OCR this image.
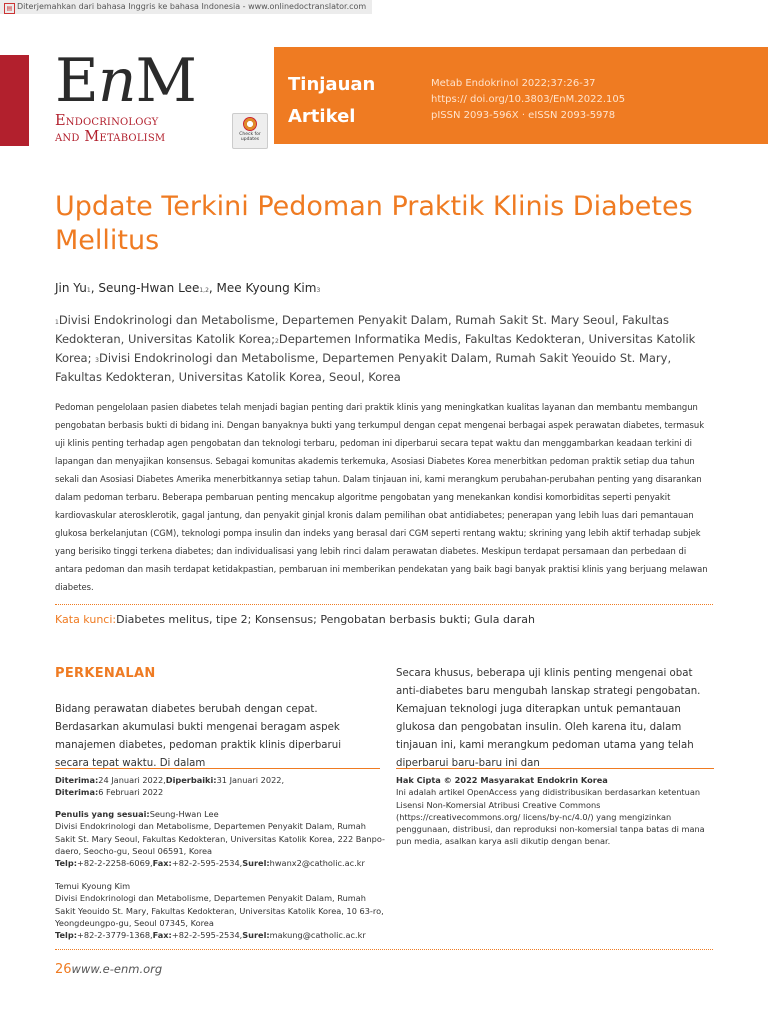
▤ Diterjemahkan dari bahasa Inggris ke bahasa Indonesia - www.onlinedoctranslator.com
EnM
Endocrinology
and Metabolism	Check for updates
Tinjauan
Artikel
Metab Endokrinol 2022;37:26-37 https:// doi.org/10.3803/EnM.2022.105 pISSN 2093-596X · eISSN 2093-5978
Update Terkini Pedoman Praktik Klinis Diabetes Mellitus
Jin Yu1, Seung-Hwan Lee1,2, Mee Kyoung Kim3
1Divisi Endokrinologi dan Metabolisme, Departemen Penyakit Dalam, Rumah Sakit St. Mary Seoul, Fakultas Kedokteran, Universitas Katolik Korea;2Departemen Informatika Medis, Fakultas Kedokteran, Universitas Katolik Korea; 3Divisi Endokrinologi dan Metabolisme, Departemen Penyakit Dalam, Rumah Sakit Yeouido St. Mary, Fakultas Kedokteran, Universitas Katolik Korea, Seoul, Korea
Pedoman pengelolaan pasien diabetes telah menjadi bagian penting dari praktik klinis yang meningkatkan kualitas layanan dan membantu membangun pengobatan berbasis bukti di bidang ini. Dengan banyaknya bukti yang terkumpul dengan cepat mengenai berbagai aspek perawatan diabetes, termasuk uji klinis penting terhadap agen pengobatan dan teknologi terbaru, pedoman ini diperbarui secara tepat waktu dan menggambarkan keadaan terkini di lapangan dan menyajikan konsensus. Sebagai komunitas akademis terkemuka, Asosiasi Diabetes Korea menerbitkan pedoman praktik setiap dua tahun sekali dan Asosiasi Diabetes Amerika menerbitkannya setiap tahun. Dalam tinjauan ini, kami merangkum perubahan-perubahan penting yang disarankan dalam pedoman terbaru. Beberapa pembaruan penting mencakup algoritme pengobatan yang menekankan kondisi komorbiditas seperti penyakit kardiovaskular aterosklerotik, gagal jantung, dan penyakit ginjal kronis dalam pemilihan obat antidiabetes; penerapan yang lebih luas dari pemantauan glukosa berkelanjutan (CGM), teknologi pompa insulin dan indeks yang berasal dari CGM seperti rentang waktu; skrining yang lebih aktif terhadap subjek yang berisiko tinggi terkena diabetes; dan individualisasi yang lebih rinci dalam perawatan diabetes. Meskipun terdapat persamaan dan perbedaan di antara pedoman dan masih terdapat ketidakpastian, pembaruan ini memberikan pendekatan yang baik bagi banyak praktisi klinis yang berjuang melawan diabetes.
Kata kunci:Diabetes melitus, tipe 2; Konsensus; Pengobatan berbasis bukti; Gula darah
PERKENALAN
Bidang perawatan diabetes berubah dengan cepat. Berdasarkan akumulasi bukti mengenai beragam aspek manajemen diabetes, pedoman praktik klinis diperbarui secara tepat waktu. Di dalam
Secara khusus, beberapa uji klinis penting mengenai obat anti-diabetes baru mengubah lanskap strategi pengobatan. Kemajuan teknologi juga diterapkan untuk pemantauan glukosa dan pengobatan insulin. Oleh karena itu, dalam tinjauan ini, kami merangkum pedoman utama yang telah diperbarui baru-baru ini dan
Diterima:24 Januari 2022,Diperbaiki:31 Januari 2022,
Diterima:6 Februari 2022
Penulis yang sesuai:Seung-Hwan Lee
Divisi Endokrinologi dan Metabolisme, Departemen Penyakit Dalam, Rumah Sakit St. Mary Seoul, Fakultas Kedokteran, Universitas Katolik Korea, 222 Banpo-daero, Seocho-gu, Seoul 06591, Korea
Telp:+82-2-2258-6069,Fax:+82-2-595-2534,Surel:hwanx2@catholic.ac.kr
Temui Kyoung Kim
Divisi Endokrinologi dan Metabolisme, Departemen Penyakit Dalam, Rumah Sakit Yeouido St. Mary, Fakultas Kedokteran, Universitas Katolik Korea, 10 63-ro, Yeongdeungpo-gu, Seoul 07345, Korea
Telp:+82-2-3779-1368,Fax:+82-2-595-2534,Surel:makung@catholic.ac.kr
Hak Cipta © 2022 Masyarakat Endokrin Korea
Ini adalah artikel OpenAccess yang didistribusikan berdasarkan ketentuan Lisensi Non-Komersial Atribusi Creative Commons (https://creativecommons.org/ licens/by-nc/4.0/) yang mengizinkan penggunaan, distribusi, dan reproduksi non-komersial tanpa batas di mana pun media, asalkan karya asli dikutip dengan benar.
26www.e-enm.org
